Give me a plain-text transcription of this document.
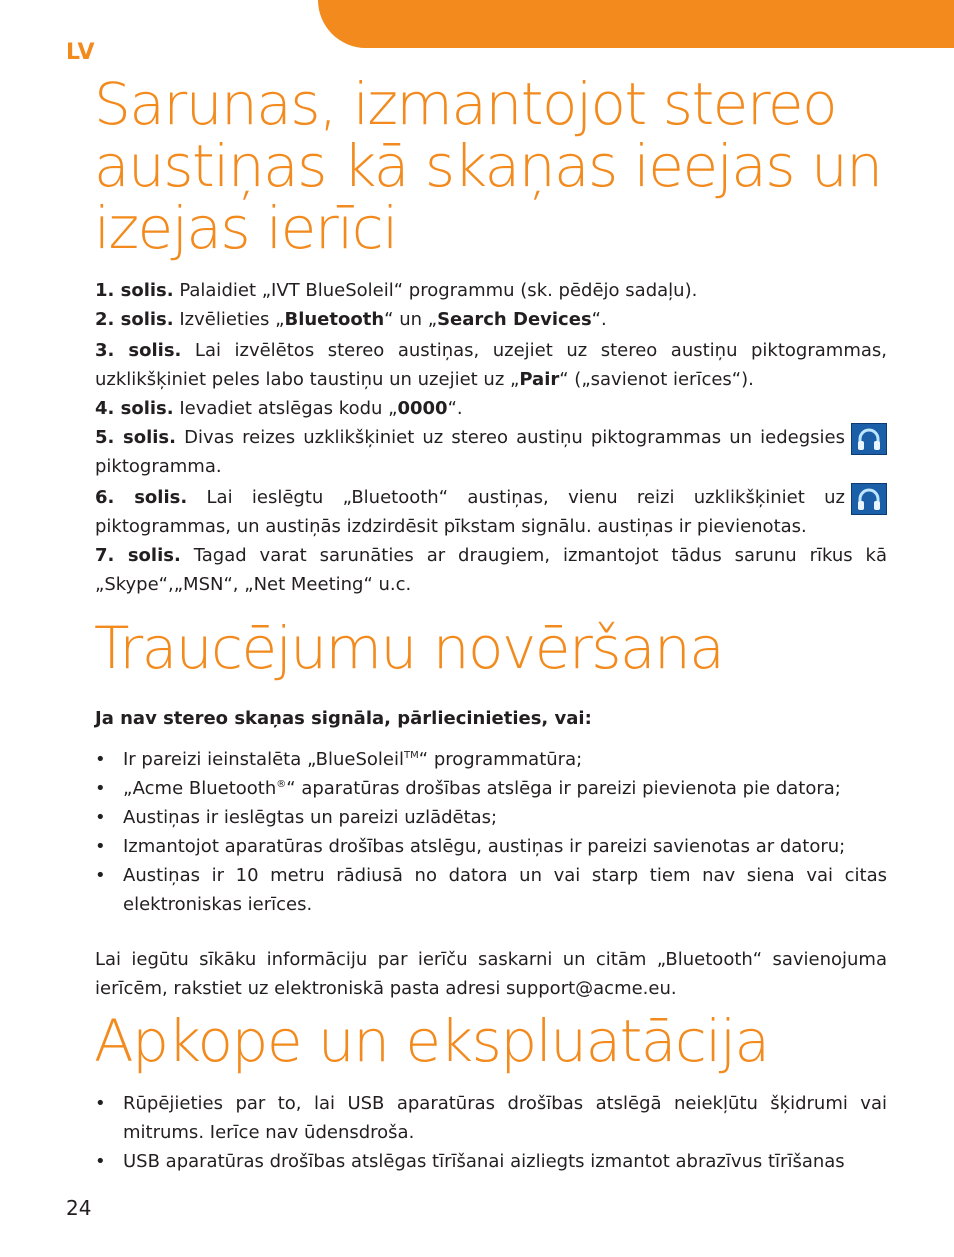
LV
Sarunas, izmantojot stereo
austiņas kā skaņas ieejas un
izejas ierīci

1. solis. Palaidiet „IVT BlueSoleil“ programmu (sk. pēdējo sadaļu).

2. solis. Izvēlieties „Bluetooth“ un „Search Devices“.

3. solis. Lai izvēlētos stereo austiņas, uzejiet uz stereo austiņu piktogrammas, uzklikšķiniet peles labo taustiņu un uzejiet uz „Pair“ („savienot ierīces“).

4. solis. Ievadiet atslēgas kodu „0000“.

5. solis. Divas reizes uzklikšķiniet uz stereo austiņu piktogrammas un iedegsies piktogramma.

6. solis. Lai ieslēgtu „Bluetooth“ austiņas, vienu reizi uzklikšķiniet uz piktogrammas, un austiņās izdzirdēsit pīkstam signālu. austiņas ir pievienotas.

7. solis. Tagad varat sarunāties ar draugiem, izmantojot tādus sarunu rīkus kā „Skype“,„MSN“, „Net Meeting“ u.c.

Traucējumu novēršana

Ja nav stereo skaņas signāla, pārliecinieties, vai:

• Ir pareizi ieinstalēta „BlueSoleil™“ programmatūra;
• „Acme Bluetooth®“ aparatūras drošības atslēga ir pareizi pievienota pie datora;
• Austiņas ir ieslēgtas un pareizi uzlādētas;
• Izmantojot aparatūras drošības atslēgu, austiņas ir pareizi savienotas ar datoru;
• Austiņas ir 10 metru rādiusā no datora un vai starp tiem nav siena vai citas elektroniskas ierīces.

Lai iegūtu sīkāku informāciju par ierīču saskarni un citām „Bluetooth“ savienojuma ierīcēm, rakstiet uz elektroniskā pasta adresi support@acme.eu.

Apkope un ekspluatācija
• Rūpējieties par to, lai USB aparatūras drošības atslēgā neiekļūtu šķidrumi vai mitrums. Ierīce nav ūdensdroša.
• USB aparatūras drošības atslēgas tīrīšanai aizliegts izmantot abrazīvus tīrīšanas
24
